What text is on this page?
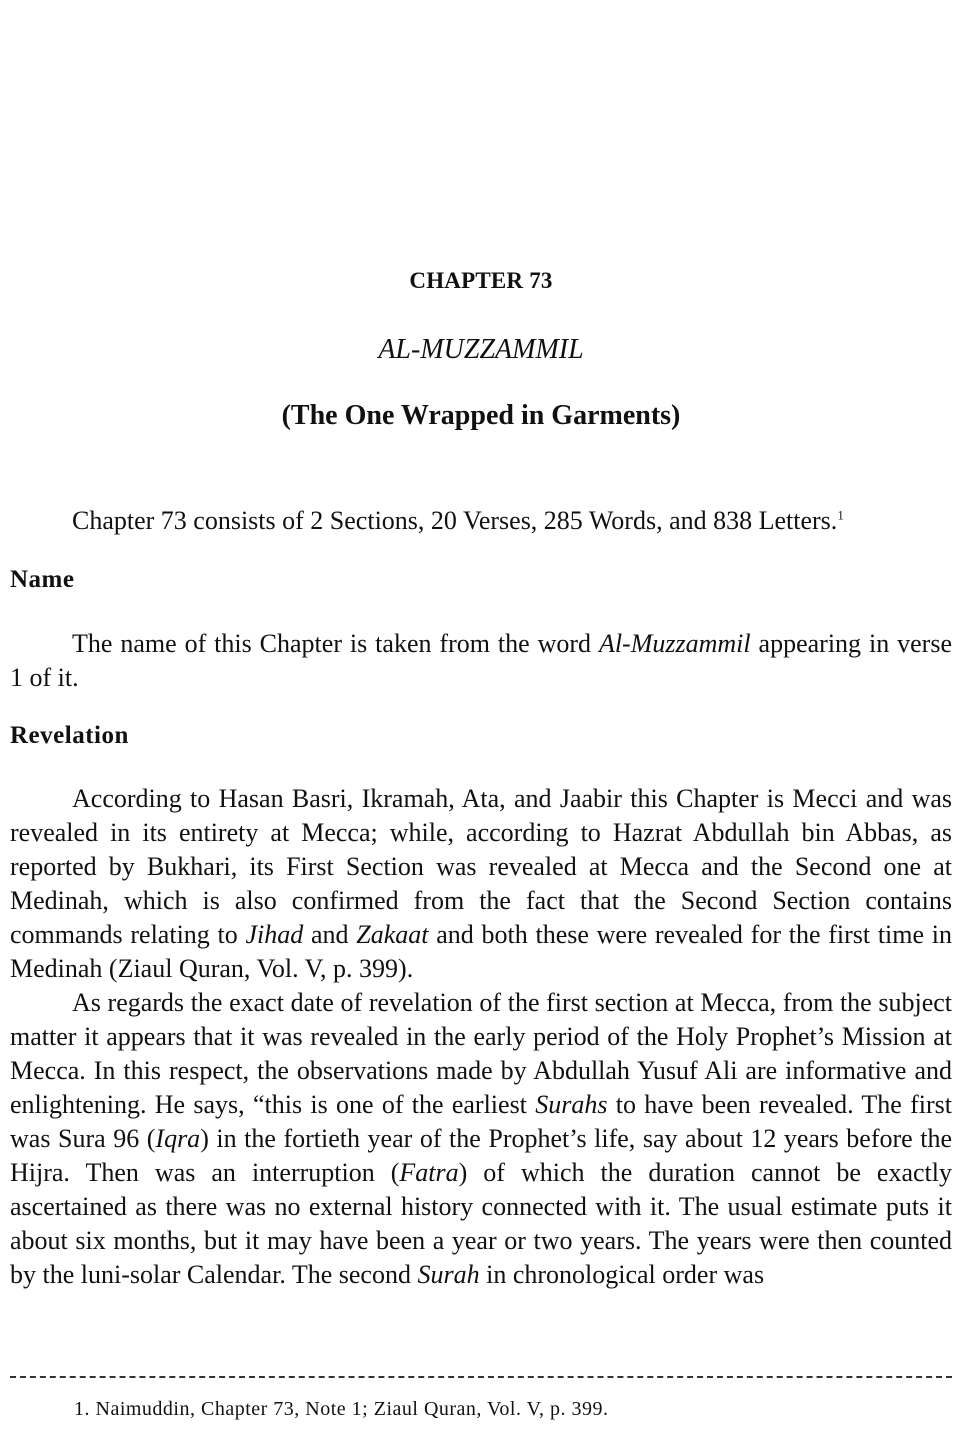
CHAPTER 73
AL-MUZZAMMIL
(The One Wrapped in Garments)

Chapter 73 consists of 2 Sections, 20 Verses, 285 Words, and 838 Letters.$^1$

Name

The name of this Chapter is taken from the word Al-Muzzammil appearing in verse 1 of it.

Revelation

According to Hasan Basri, Ikramah, Ata, and Jaabir this Chapter is Mecci and was revealed in its entirety at Mecca; while, according to Hazrat Abdullah bin Abbas, as reported by Bukhari, its First Section was revealed at Mecca and the Second one at Medinah, which is also confirmed from the fact that the Second Section contains commands relating to Jihad and Zakaat and both these were revealed for the first time in Medinah (Ziaul Quran, Vol. V, p. 399).

As regards the exact date of revelation of the first section at Mecca, from the subject matter it appears that it was revealed in the early period of the Holy Prophet’s Mission at Mecca. In this respect, the observations made by Abdullah Yusuf Ali are informative and enlightening. He says, “this is one of the earliest Surahs to have been revealed. The first was Sura 96 (Iqra) in the fortieth year of the Prophet’s life, say about 12 years before the Hijra. Then was an interruption (Fatra) of which the duration cannot be exactly ascertained as there was no external history connected with it. The usual estimate puts it about six months, but it may have been a year or two years. The years were then counted by the luni-solar Calendar. The second Surah in chronological order was

1. Naimuddin, Chapter 73, Note 1; Ziaul Quran, Vol. V, p. 399.
